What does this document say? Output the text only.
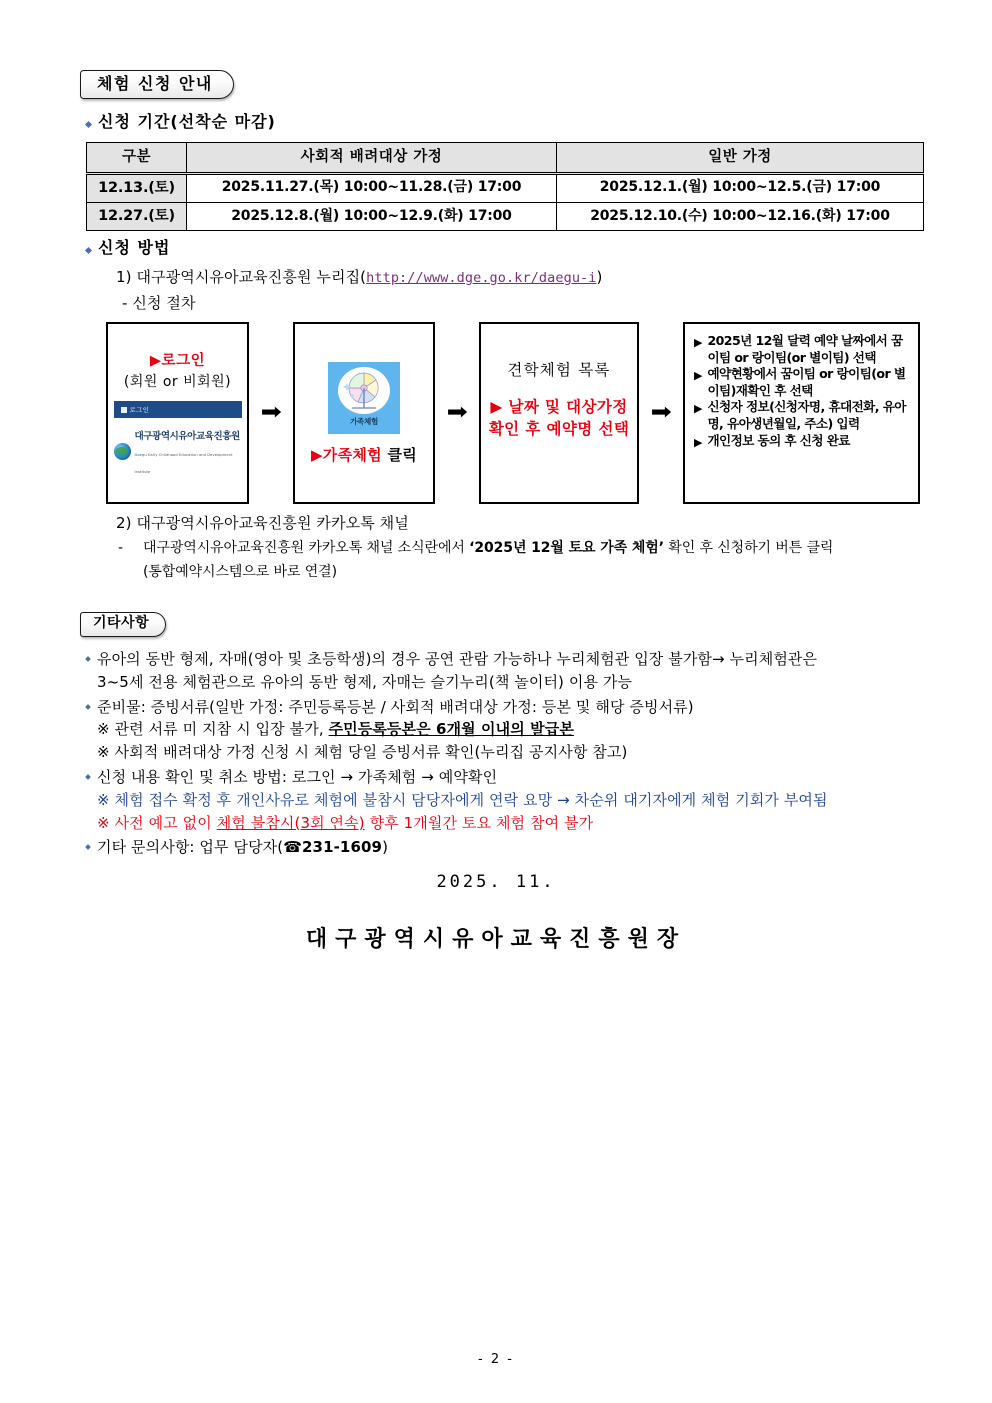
체험 신청 안내
신청 기간(선착순 마감)
구분	사회적 배려대상 가정	일반 가정
12.13.(토)	2025.11.27.(목) 10:00~11.28.(금) 17:00	2025.12.1.(월) 10:00~12.5.(금) 17:00
12.27.(토)	2025.12.8.(월) 10:00~12.9.(화) 17:00	2025.12.10.(수) 10:00~12.16.(화) 17:00
신청 방법
1) 대구광역시유아교육진흥원 누리집(http://www.dge.go.kr/daegu-i)
- 신청 절차
▶로그인
(회원 or 비회원)
로그인
대구광역시유아교육진흥원
Daegu Early Childhood Education and Development Institute
➡	가족체험
▶가족체험 클릭
➡
견학체험 목록
▶ 날짜 및 대상가정
확인 후 예약명 선택
➡
▶ 2025년 12월 달력 예약 날짜에서 꿈이팀 or 랑이팀(or 별이팀) 선택
▶ 예약현황에서 꿈이팀 or 랑이팀(or 별이팀)재확인 후 선택
▶ 신청자 정보(신청자명, 휴대전화, 유아명, 유아생년월일, 주소) 입력
▶ 개인정보 동의 후 신청 완료
2) 대구광역시유아교육진흥원 카카오톡 채널
- 대구광역시유아교육진흥원 카카오톡 채널 소식란에서 ‘2025년 12월 토요 가족 체험’ 확인 후 신청하기 버튼 클릭
(통합예약시스템으로 바로 연결)
기타사항
유아의 동반 형제, 자매(영아 및 초등학생)의 경우 공연 관람 가능하나 누리체험관 입장 불가함→ 누리체험관은
3~5세 전용 체험관으로 유아의 동반 형제, 자매는 슬기누리(책 놀이터) 이용 가능
준비물: 증빙서류(일반 가정: 주민등록등본 / 사회적 배려대상 가정: 등본 및 해당 증빙서류)
※ 관련 서류 미 지참 시 입장 불가, 주민등록등본은 6개월 이내의 발급본
※ 사회적 배려대상 가정 신청 시 체험 당일 증빙서류 확인(누리집 공지사항 참고)
신청 내용 확인 및 취소 방법: 로그인 → 가족체험 → 예약확인
※ 체험 접수 확정 후 개인사유로 체험에 불참시 담당자에게 연락 요망 → 차순위 대기자에게 체험 기회가 부여됨
※ 사전 예고 없이 체험 불참시(3회 연속) 향후 1개월간 토요 체험 참여 불가
기타 문의사항: 업무 담당자(☎231-1609)
2025. 11.
대구광역시유아교육진흥원장
- 2 -
